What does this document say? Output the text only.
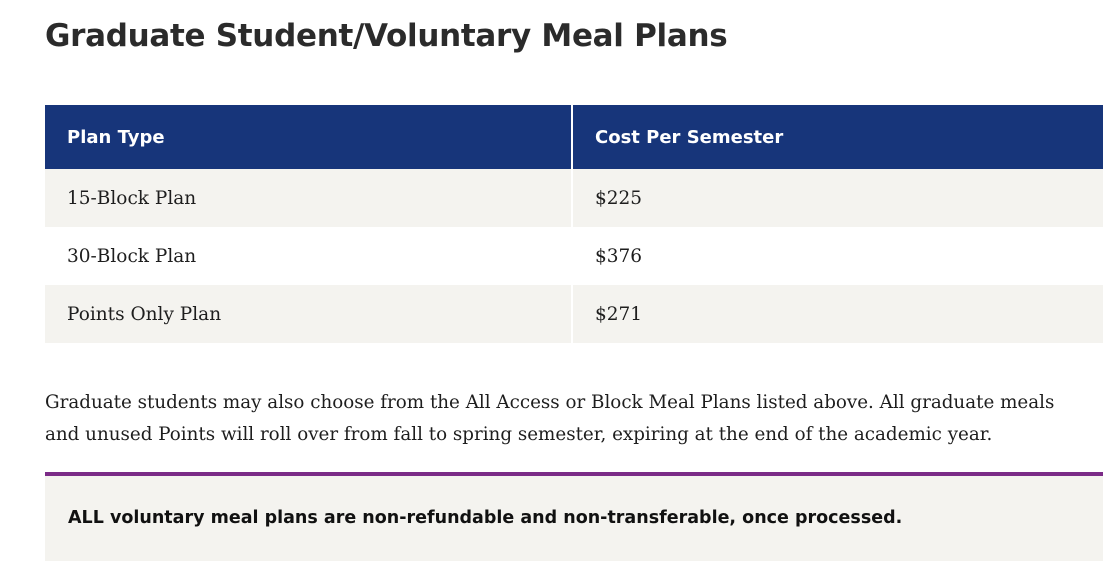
Graduate Student/Voluntary Meal Plans
Plan Type	Cost Per Semester
15-Block Plan	$225
30-Block Plan	$376
Points Only Plan	$271

Graduate students may also choose from the All Access or Block Meal Plans listed above. All graduate meals and unused Points will roll over from fall to spring semester, expiring at the end of the academic year.

ALL voluntary meal plans are non-refundable and non-transferable, once processed.
